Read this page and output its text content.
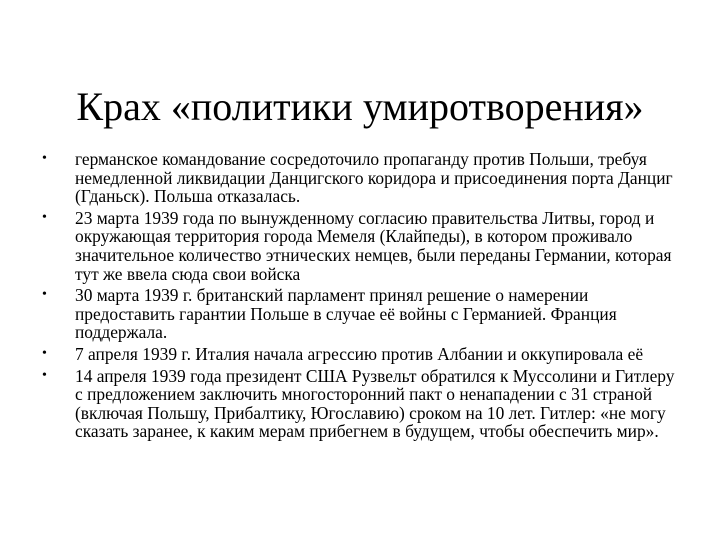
Крах «политики умиротворения»
• германское командование сосредоточило пропаганду против Польши, требуя немедленной ликвидации Данцигского коридора и присоединения порта Данциг (Гданьск). Польша отказалась.
• 23 марта 1939 года по вынужденному согласию правительства Литвы, город и окружающая территория города Мемеля (Клайпеды), в котором проживало значительное количество этнических немцев, были переданы Германии, которая тут же ввела сюда свои войска
• 30 марта 1939 г. британский парламент принял решение о намерении предоставить гарантии Польше в случае её войны с Германией. Франция поддержала.
• 7 апреля 1939 г. Италия начала агрессию против Албании и оккупировала её
• 14 апреля 1939 года президент США Рузвельт обратился к Муссолини и Гитлеру с предложением заключить многосторонний пакт о ненападении с 31 страной (включая Польшу, Прибалтику, Югославию) сроком на 10 лет. Гитлер: «не могу сказать заранее, к каким мерам прибегнем в будущем, чтобы обеспечить мир».
